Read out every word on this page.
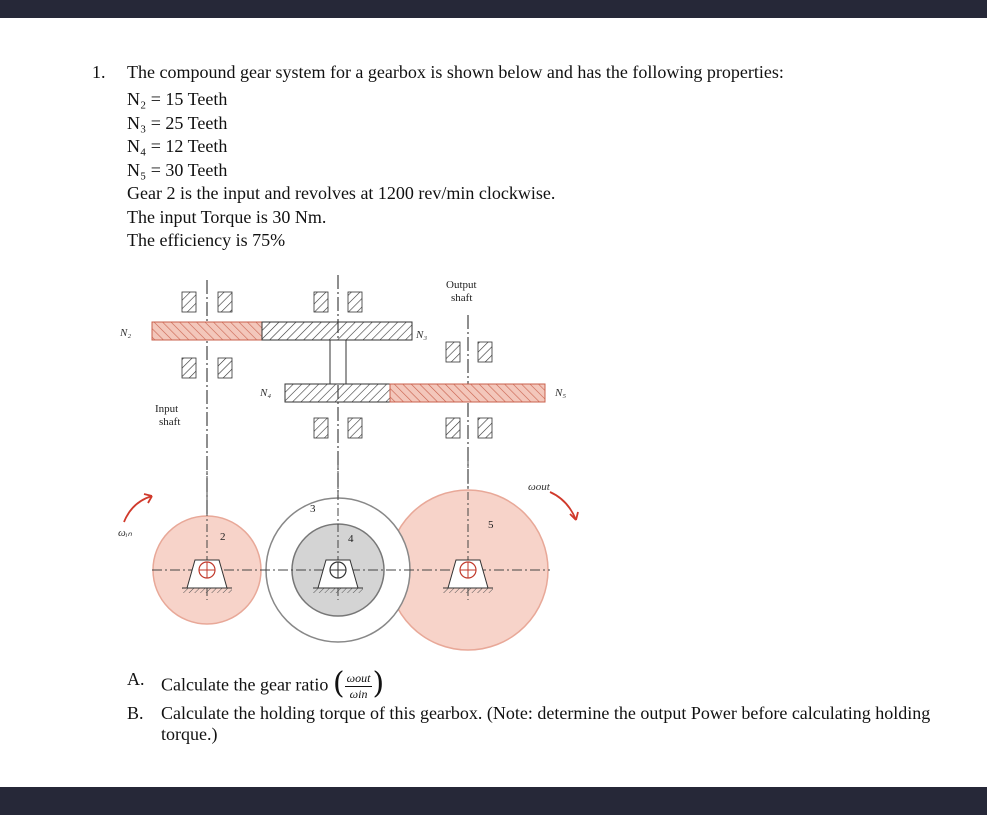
1. The compound gear system for a gearbox is shown below and has the following properties:
N₂ = 15 Teeth
N₃ = 25 Teeth
N₄ = 12 Teeth
N₅ = 30 Teeth
Gear 2 is the input and revolves at 1200 rev/min clockwise.
The input Torque is 30 Nm.
The efficiency is 75%
N₂	N₃
N₄	N₅
Output
shaft
Input
shaft
2
3
4
5
ωᵢₙ
ωout
A. Calculate the gear ratio ( $\frac{\text{ωout}}{\text{ωin}}$ )
B. Calculate the holding torque of this gearbox. (Note: determine the output Power before calculating holding torque.)
